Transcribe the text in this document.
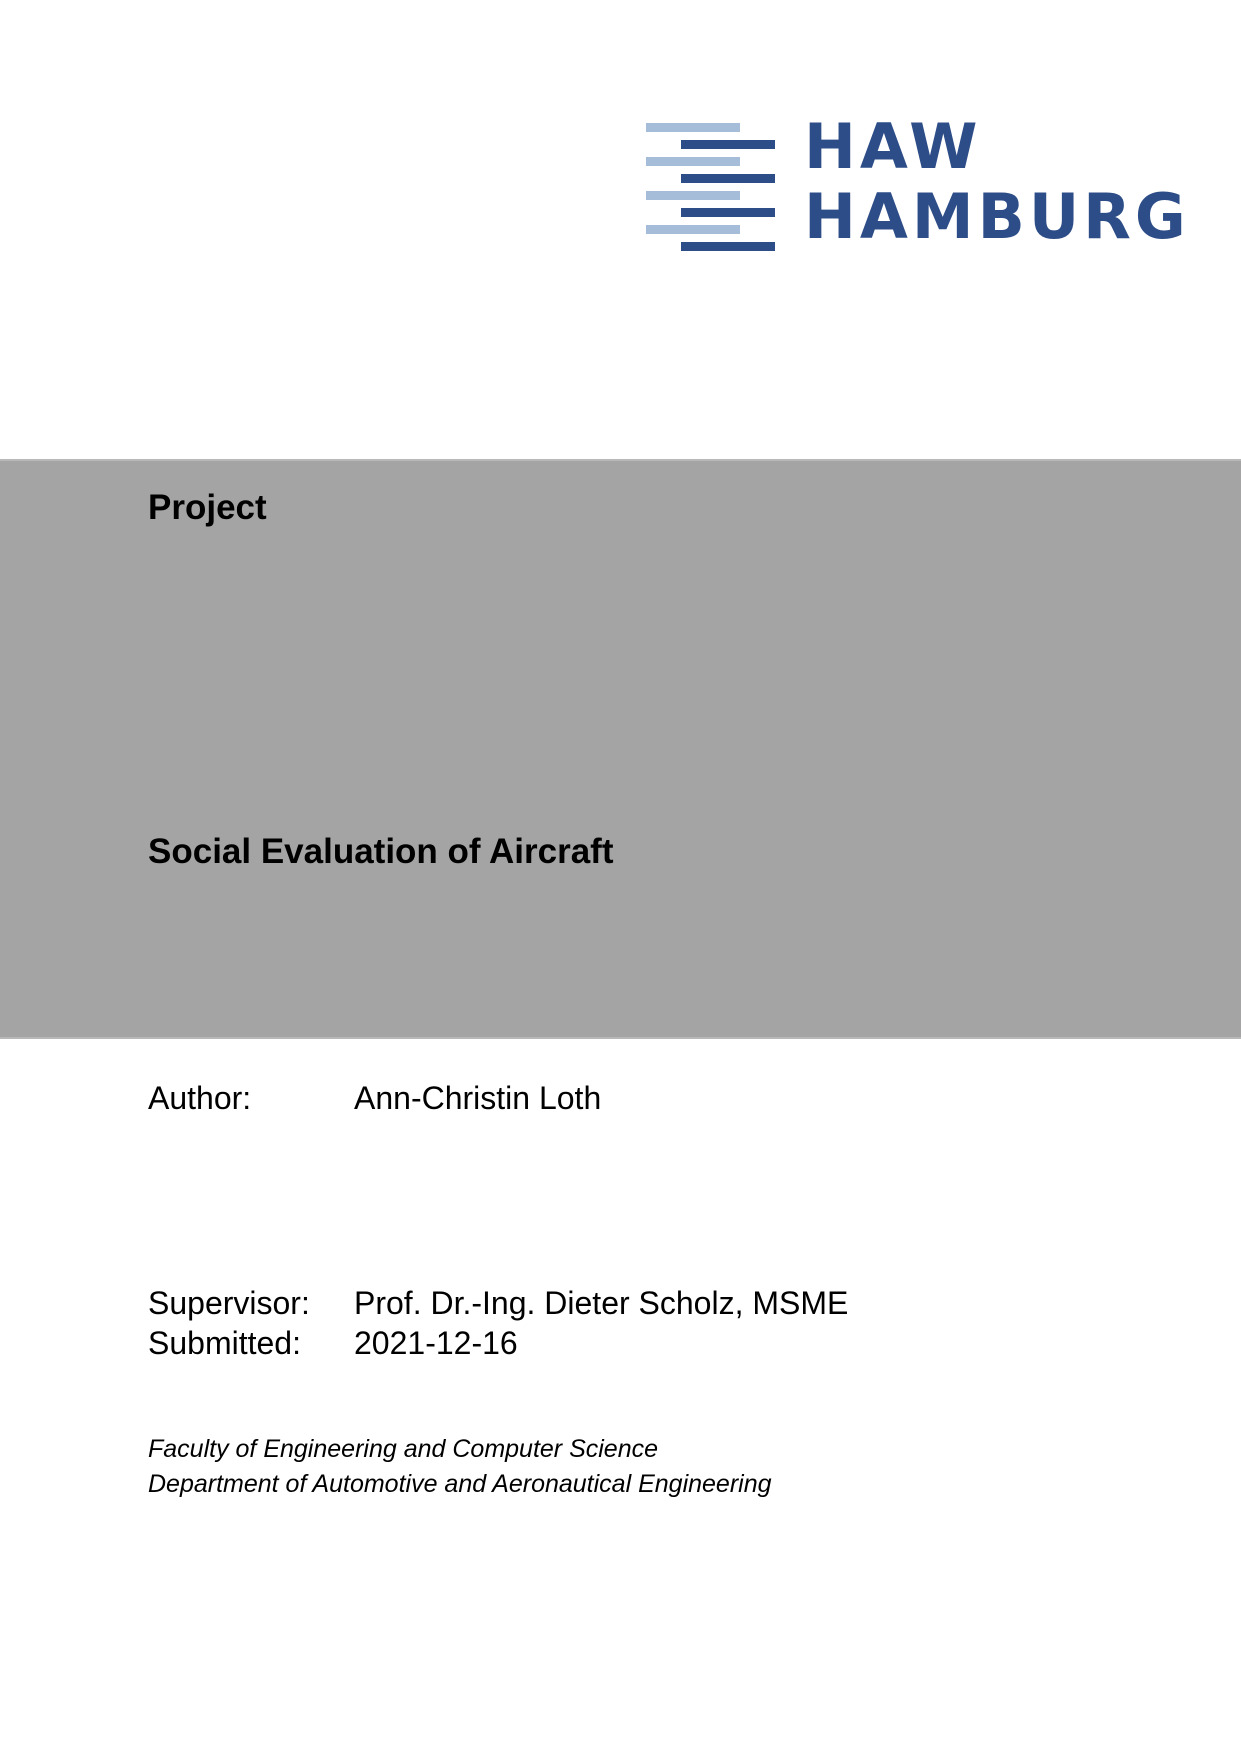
HAW
HAMBURG
Project
Social Evaluation of Aircraft
Author:	Ann-Christin Loth
Supervisor: Prof. Dr.-Ing. Dieter Scholz, MSME
Submitted: 2021-12-16
Faculty of Engineering and Computer Science
Department of Automotive and Aeronautical Engineering
